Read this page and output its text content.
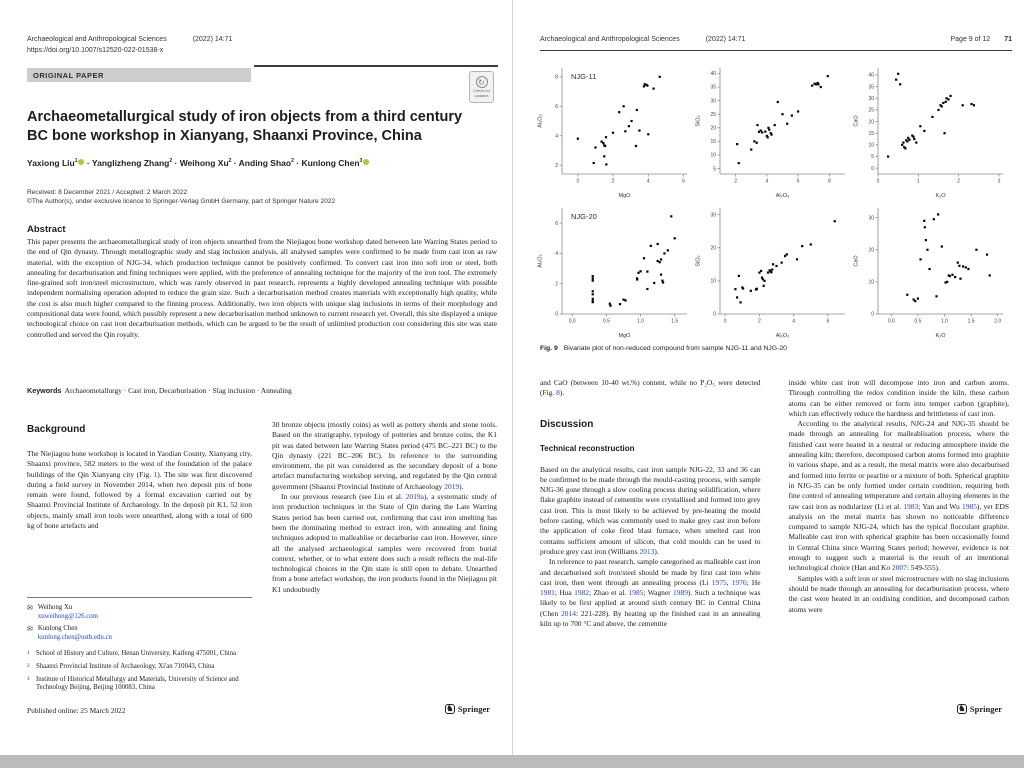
Archaeological and Anthropological Sciences	(2022) 14:71
https://doi.org/10.1007/s12520-022-01538-x
ORIGINAL PAPER
↻
Check for
updates
Archaeometallurgical study of iron objects from a third century BC bone workshop in Xianyang, Shaanxi Province, China
Yaxiong Liu$^1$ · Yanglizheng Zhang$^2$ · Weihong $Xu^2$ · Anding Shao$^2$ · Kunlong Chen$^3$
Received: 8 December 2021 / Accepted: 2 March 2022
©The Author(s), under exclusive licence to Springer-Verlag GmbH Germany, part of Springer Nature 2022
Abstract

This paper presents the archaeometallurgical study of iron objects unearthed from the Niejiagou bone workshop dated between late Warring States period to the end of Qin dynasty. Through metallographic study and slag inclusion analysis, all analysed samples were confirmed to be made from cast iron as raw material, with the exception of NJG-34, which production technique cannot be positively confirmed. To convert cast iron into soft iron or steel, both annealing for decarburisation and fining techniques were applied, with the preference of annealing technique for the majority of the iron tool. The extremely fine-grained soft iron/steel microstructure, which was rarely observed in past research, represents a highly developed annealing technique with possible independent normalising operation adopted to reduce the grain size. Such a decarburisation method creates materials with exceptionally high quality, while the cost is also much higher compared to the finning process. Additionally, two iron objects with unique slag inclusions in terms of their morphology and compositional data were found, which possibly represent a new decarburisation method unknown to current research yet. Overall, this site displayed a unique technological choice on cast iron decarburisation methods, which can be argued to be the result of unlimited production cost considering this site was state controlled and served the Qin royalty.

Keywords Archaeometallurgy · Cast iron, Decarburisation · Slag inclusion · Annealing
Background

The Niejiagou bone workshop is located in Yaodian County, Xianyang city, Shaanxi province, 582 meters to the west of the foundation of the palace buildings of the Qin Xianyang city (Fig. 1). The site was first discovered during a field survey in November 2014, when two deposit pits of bone remain were found, followed by a formal excavation carried out by Shaanxi Provincial Institute of Archaeology. In the deposit pit K1, 52 iron objects, mainly small iron tools were unearthed, along with a total of 600 kg of bone artefacts and

30 bronze objects (mostly coins) as well as pottery sherds and stone tools. Based on the stratigraphy, typology of potteries and bronze coins, the K1 pit was dated between late Warring States period (475 BC–221 BC) to the Qin dynasty (221 BC–206 BC). In reference to the surrounding environment, the pit was considered as the secondary deposit of a bone artefact manufacturing workshop serving, and regulated by the Qin central government (Shaanxi Provincial Institute of Archaeology 2019).

In our previous research (see Liu et al. 2019a), a systematic study of iron production techniques in the State of Qin during the Late Warring States period has been carried out, confirming that cast iron smelting has been the dominating method to extract iron, with annealing and fining techniques adopted to malleablise or decarburise cast iron. However, since all the analysed archaeological samples were recovered from burial context, whether, or to what extent does such a result reflects the real-life technological choices in the Qin state is still open to debate. Unearthed from a bone artefact workshop, the iron products found in the Niejiagou pit K1 undoubtedly

✉ Weihong Xu
xuweihong@126.com
✉ Kunlong Chen
kunlong.chen@ustb.edu.cn
1 School of History and Culture, Henan University, Kaifeng 475001, China
2 Shaanxi Provincial Institute of Archaeology, Xi'an 710043, China
3 Institute of Historical Metallurgy and Materials, University of Science and Technology Beijing, Beijing 100083, China
Published online: 25 March 2022	♞ Springer
Archaeological and Anthropological Sciences	(2022) 14:71	Page 9 of 12 71
0	2	4	6
2
4
6
8
MgO
Al₂O₃
NJG-11
2	4	6	8
5
10
15
20
25
30
35
40
Al₂O₃
SiO₂
0	1	2	3
0
5
10
15
20
25
30
35
40
K₂O
CaO
0.0	0.5	1.0	1.5
0
2
4
6
MgO
Al₂O₃
NJG-20
0	2	4	6
0
10
20
30
Al₂O₃
SiO₂
0.0	0.5	1.0	1.5	2.0
0
10
20
30
K₂O
CaO
Fig. 9 Bivariate plot of non-reduced compound from sample NJG-11 and NJG-20

and CaO (between 10-40 wt.%) content, while no P₂O₅ were detected (Fig. 8).

Discussion
Technical reconstruction

Based on the analytical results, cast iron sample NJG-22, 33 and 36 can be confirmed to be made through the mould-casting process, with sample NJG-36 gone through a slow cooling process during solidification, where flake graphite instead of cementite were crystallised and formed into grey cast iron. This is most likely to be achieved by pre-heating the mould before casting, which was commonly used to make grey cast iron before the application of coke fired blast furnace, when smelted cast iron contains sufficient amount of silicon, that cold moulds can be used to produce grey cast iron (Williams 2013).

In reference to past research, sample categorised as malleable cast iron and decarburised soft iron/steel should be made by first cast into white cast iron, then went through an annealing process (Li 1975, 1976; He 1981; Hua 1982; Zhao et al. 1985; Wagner 1989). Such a technique was likely to be first applied at around sixth century BC in Central China (Chen 2014: 221-228). By heating up the finished cast in an annealing kiln up to 700 °C and above, the cementite

inside white cast iron will decompose into iron and carbon atoms. Through controlling the redox condition inside the kiln, these carbon atoms can be either removed or form into temper carbon (graphite), which can effectively reduce the hardness and brittleness of cast iron.

According to the analytical results, NJG-24 and NJG-35 should be made through an annealing for malleablisation process, where the finished cast were heated in a neutral or reducing atmosphere inside the annealing kiln; therefore, decomposed carbon atoms formed into graphite in various shape, and as a result, the metal matrix were also decarburised and formed into ferrite or pearlite or a mixture of both. Spherical graphite in NJG-35 can be only formed under certain condition, requiring both fine control of annealing temperature and certain alloying elements in the raw cast iron as nodularizer (Li et al. 1983; Yan and Wu 1985), yet EDS analysis on the metal matrix has shown no noticeable difference compared to sample NJG-24, which has the typical flocculant graphite. Malleable cast iron with spherical graphite has been occasionally found in Central China since Warring States period; however, evidence is not enough to suggest such a material is the result of an intentional technological choice (Han and Ko 2007: 549-555).

Samples with a soft iron or steel microstructure with no slag inclusions should be made through an annealing for decarburisation process, where the cast were heated in an oxidising condition, and decomposed carbon atoms were

♞ Springer
